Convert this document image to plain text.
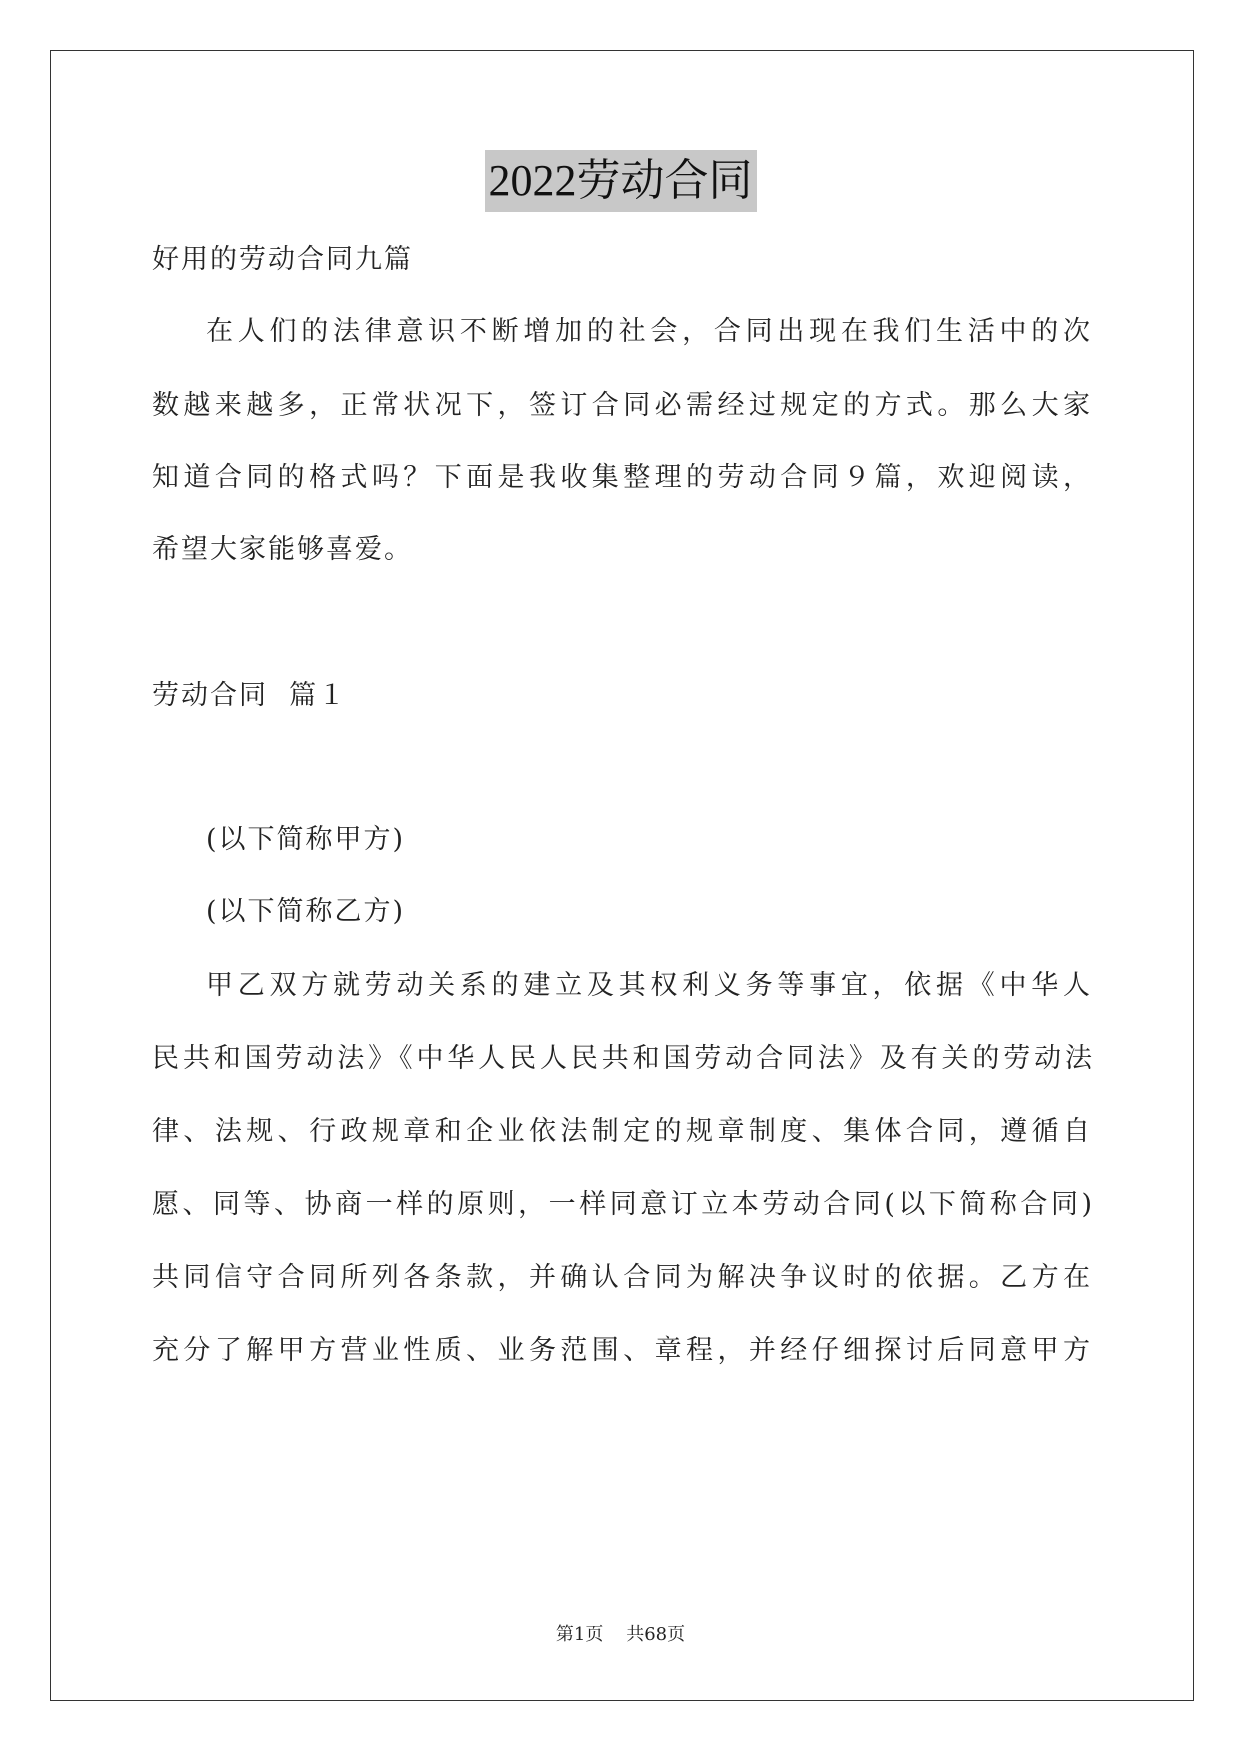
2022劳动合同
好用的劳动合同九篇
在人们的法律意识不断增加的社会，合同出现在我们生活中的次
数越来越多，正常状况下，签订合同必需经过规定的方式。那么大家
知道合同的格式吗？下面是我收集整理的劳动合同９篇，欢迎阅读，
希望大家能够喜爱。
劳动合同  篇１
(以下简称甲方)
(以下简称乙方)
甲乙双方就劳动关系的建立及其权利义务等事宜，依据《中华人
民共和国劳动法》《中华人民人民共和国劳动合同法》及有关的劳动法
律、法规、行政规章和企业依法制定的规章制度、集体合同，遵循自
愿、同等、协商一样的原则，一样同意订立本劳动合同(以下简称合同)
共同信守合同所列各条款，并确认合同为解决争议时的依据。乙方在
充分了解甲方营业性质、业务范围、章程，并经仔细探讨后同意甲方
第1页 共68页
